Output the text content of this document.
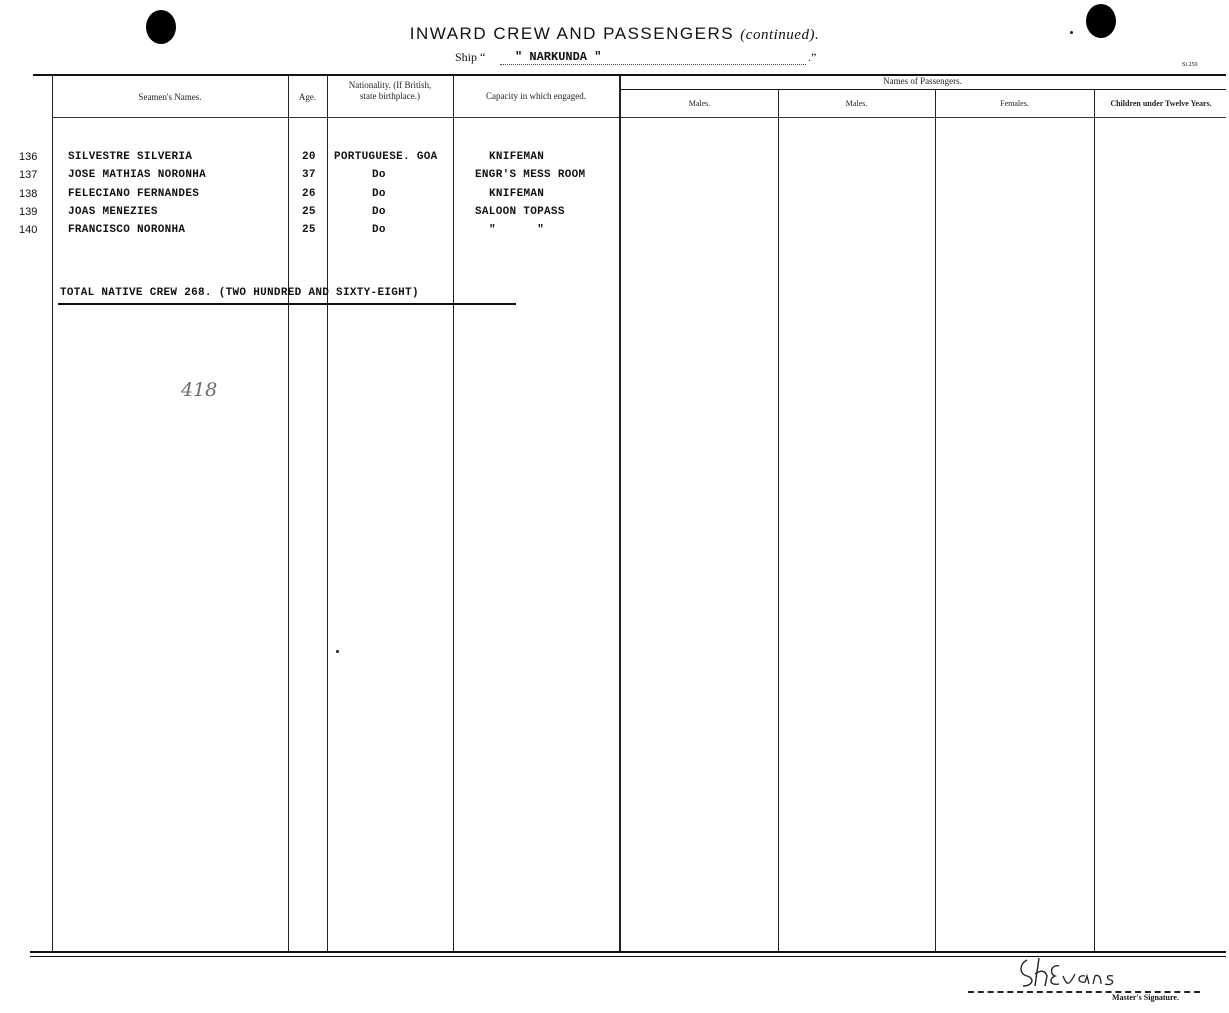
INWARD CREW AND PASSENGERS (continued).
Ship “ " NARKUNDA "	.”
Si 250
Seamen's Names.	Age.
Nationality. (If British, state birthplace.)	Capacity in which engaged.
Names of Passengers.
Males.	Males.	Females.	Children under Twelve Years.
136	SILVESTRE SILVERIA	20 PORTUGUESE. GOA	KNIFEMAN
137	JOSE MATHIAS NORONHA	37	Do	ENGR'S MESS ROOM
138	FELECIANO FERNANDES	26	Do	KNIFEMAN
139	JOAS MENEZIES	25	Do	SALOON TOPASS
140	FRANCISCO NORONHA	25	Do	"      "
TOTAL NATIVE CREW 268. (TWO HUNDRED AND SIXTY-EIGHT)
418
Master's Signature.
